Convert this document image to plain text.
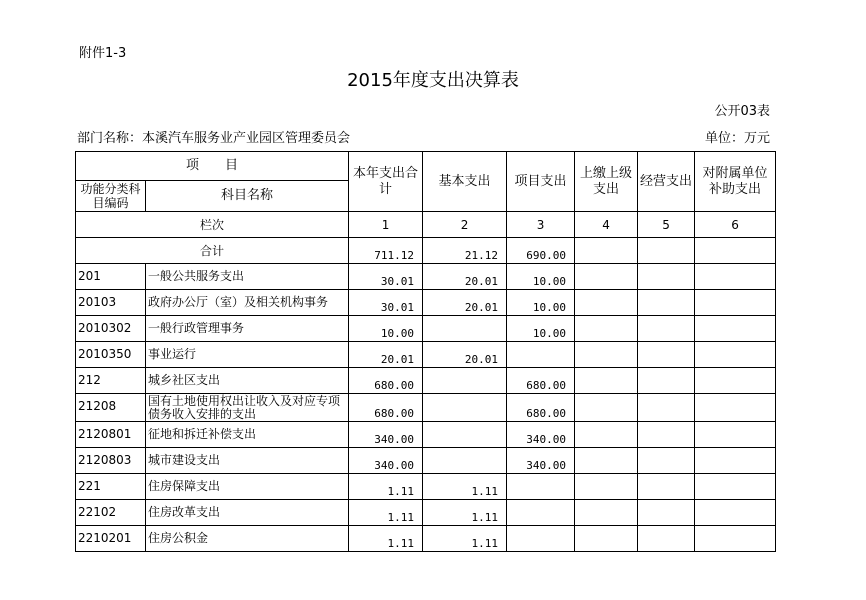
附件1-3
2015年度支出决算表
公开03表
部门名称：本溪汽车服务业产业园区管理委员会	单位：万元
项　　目		本年支出合计	基本支出	项目支出	上缴上级支出	经营支出	对附属单位补助支出
功能分类科目编码	科目名称						
栏次		1	2	3	4	5	6
合计		711.12	21.12	690.00			
201	一般公共服务支出	30.01	20.01	10.00			
20103	政府办公厅（室）及相关机构事务	30.01	20.01	10.00			
2010302	一般行政管理事务	10.00		10.00			
2010350	事业运行	20.01	20.01				
212	城乡社区支出	680.00		680.00			
21208	国有土地使用权出让收入及对应专项债务收入安排的支出	680.00		680.00			
2120801	征地和拆迁补偿支出	340.00		340.00			
2120803	城市建设支出	340.00		340.00			
221	住房保障支出	1.11	1.11				
22102	住房改革支出	1.11	1.11				
2210201	住房公积金	1.11	1.11				
